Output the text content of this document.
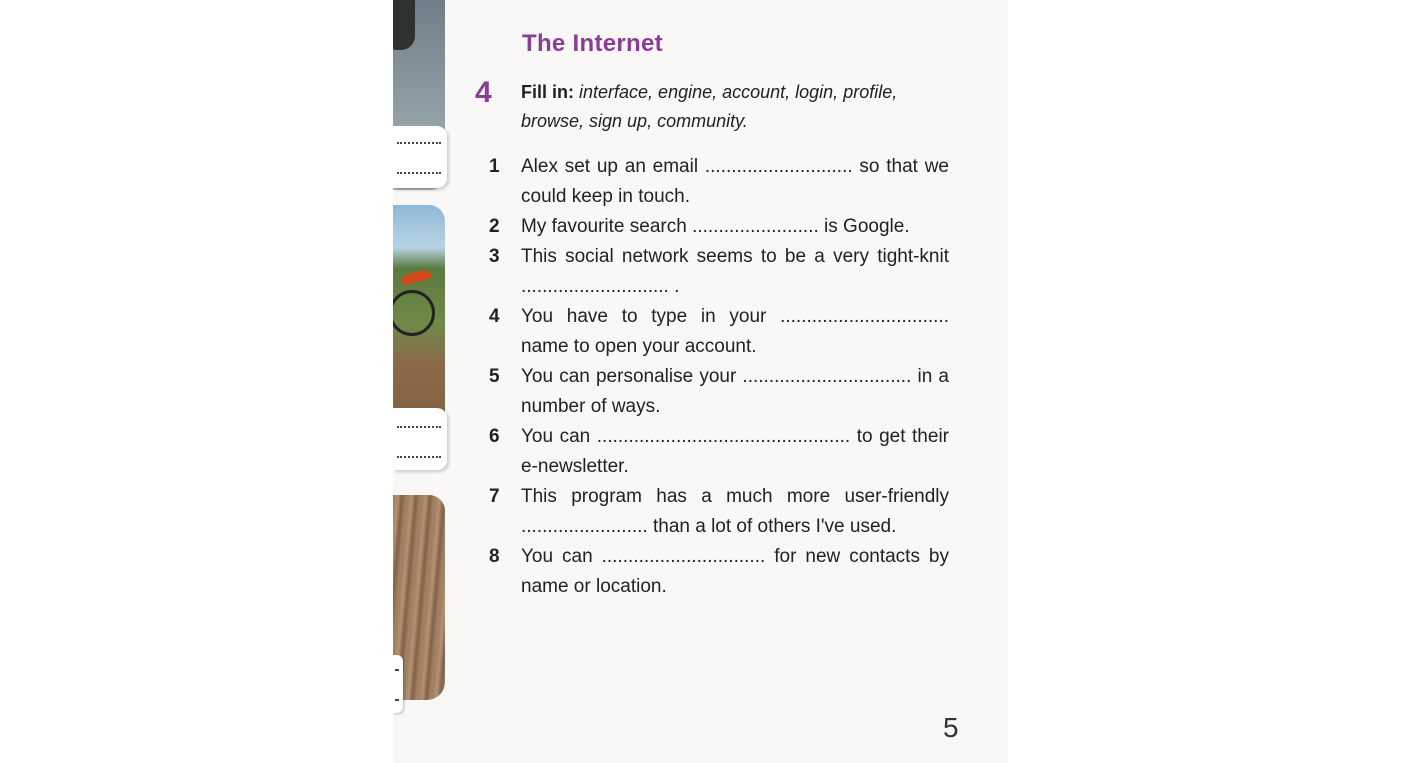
The Internet
4 Fill in: interface, engine, account, login, profile, browse, sign up, community.
1 Alex set up an email ............................ so that we could keep in touch.
2 My favourite search ........................ is Google.
3 This social network seems to be a very tight-knit ............................ .
4 You have to type in your ................................ name to open your account.
5 You can personalise your ................................ in a number of ways.
6 You can ................................................ to get their e-newsletter.
7 This program has a much more user-friendly ........................ than a lot of others I've used.
8 You can ............................... for new contacts by name or location.
5
